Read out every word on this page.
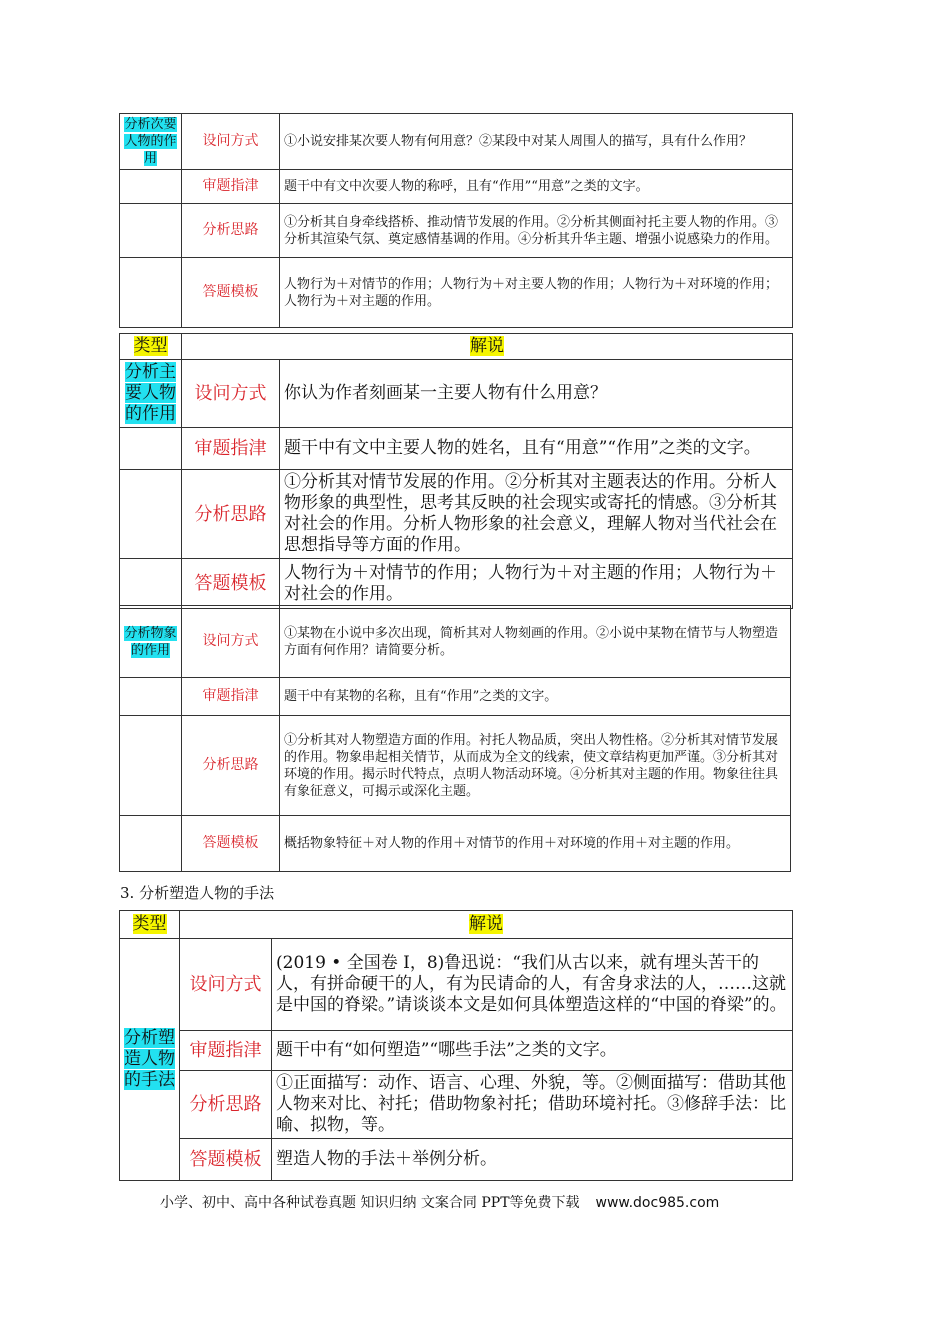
分析次要人物的作用	设问方式	①小说安排某次要人物有何用意？②某段中对某人周围人的描写，具有什么作用？
	审题指津	题干中有文中次要人物的称呼，且有“作用”“用意”之类的文字。
	分析思路	①分析其自身牵线搭桥、推动情节发展的作用。②分析其侧面衬托主要人物的作用。③分析其渲染气氛、奠定感情基调的作用。④分析其升华主题、增强小说感染力的作用。
	答题模板	人物行为＋对情节的作用；人物行为＋对主要人物的作用；人物行为＋对环境的作用；人物行为＋对主题的作用。
类型	解说	
分析主要人物的作用	设问方式	你认为作者刻画某一主要人物有什么用意？
	审题指津	题干中有文中主要人物的姓名，且有“用意”“作用”之类的文字。
	分析思路	①分析其对情节发展的作用。②分析其对主题表达的作用。分析人物形象的典型性，思考其反映的社会现实或寄托的情感。③分析其对社会的作用。分析人物形象的社会意义，理解人物对当代社会在思想指导等方面的作用。
	答题模板	人物行为＋对情节的作用；人物行为＋对主题的作用；人物行为＋对社会的作用。
分析物象的作用	设问方式	①某物在小说中多次出现，简析其对人物刻画的作用。②小说中某物在情节与人物塑造方面有何作用？请简要分析。
	审题指津	题干中有某物的名称，且有“作用”之类的文字。
	分析思路	①分析其对人物塑造方面的作用。衬托人物品质，突出人物性格。②分析其对情节发展的作用。物象串起相关情节，从而成为全文的线索，使文章结构更加严谨。③分析其对环境的作用。揭示时代特点，点明人物活动环境。④分析其对主题的作用。物象往往具有象征意义，可揭示或深化主题。
	答题模板	概括物象特征＋对人物的作用＋对情节的作用＋对环境的作用＋对主题的作用。
3. 分析塑造人物的手法
类型	解说	
分析塑造人物的手法	设问方式	(2019 • 全国卷 I，8)鲁迅说：“我们从古以来，就有埋头苦干的人，有拼命硬干的人，有为民请命的人，有舍身求法的人，……这就是中国的脊梁。”请谈谈本文是如何具体塑造这样的“中国的脊梁”的。
	审题指津	题干中有“如何塑造”“哪些手法”之类的文字。
	分析思路	①正面描写：动作、语言、心理、外貌，等。②侧面描写：借助其他人物来对比、衬托；借助物象衬托；借助环境衬托。③修辞手法：比喻、拟物，等。
	答题模板	塑造人物的手法＋举例分析。
小学、初中、高中各种试卷真题 知识归纳 文案合同 PPT等免费下载 www.doc985.com
